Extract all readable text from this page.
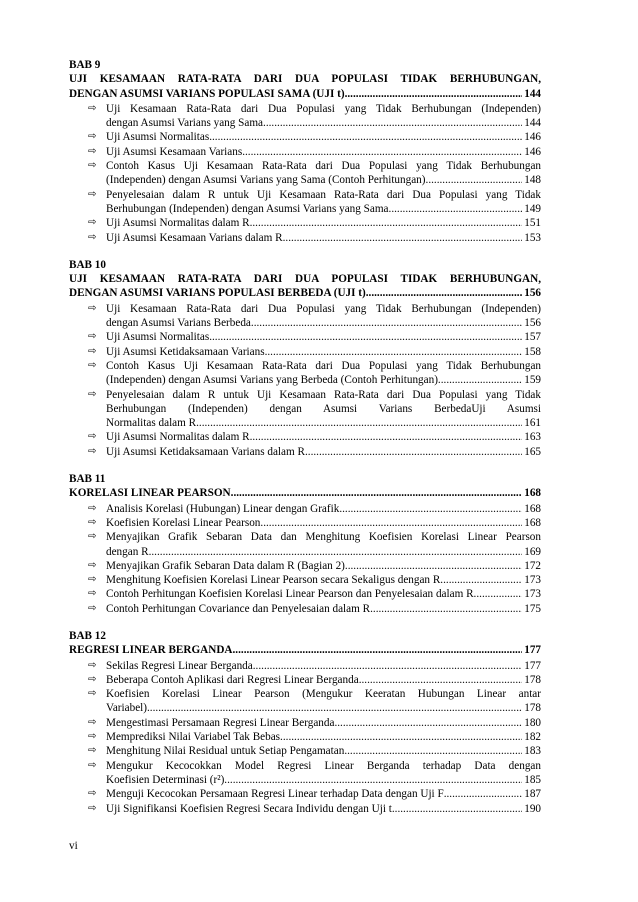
BAB 9
UJI KESAMAAN RATA-RATA DARI DUA POPULASI TIDAK BERHUBUNGAN,
DENGAN ASUMSI VARIANS POPULASI SAMA (UJI t) .....	144
⇨ Uji Kesamaan Rata-Rata dari Dua Populasi yang Tidak Berhubungan (Independen)
dengan Asumsi Varians yang Sama .....	144
⇨ Uji Asumsi Normalitas .....	146
⇨ Uji Asumsi Kesamaan Varians .....	146
⇨ Contoh Kasus Uji Kesamaan Rata-Rata dari Dua Populasi yang Tidak Berhubungan
(Independen) dengan Asumsi Varians yang Sama (Contoh Perhitungan) .....	148
⇨ Penyelesaian dalam R untuk Uji Kesamaan Rata-Rata dari Dua Populasi yang Tidak
Berhubungan (Independen) dengan Asumsi Varians yang Sama .....	149
⇨ Uji Asumsi Normalitas dalam R .....	151
⇨ Uji Asumsi Kesamaan Varians dalam R .....	153
BAB 10
UJI KESAMAAN RATA-RATA DARI DUA POPULASI TIDAK BERHUBUNGAN,
DENGAN ASUMSI VARIANS POPULASI BERBEDA (UJI t) .....	156
⇨ Uji Kesamaan Rata-Rata dari Dua Populasi yang Tidak Berhubungan (Independen)
dengan Asumsi Varians Berbeda .....	156
⇨ Uji Asumsi Normalitas .....	157
⇨ Uji Asumsi Ketidaksamaan Varians .....	158
⇨ Contoh Kasus Uji Kesamaan Rata-Rata dari Dua Populasi yang Tidak Berhubungan
(Independen) dengan Asumsi Varians yang Berbeda (Contoh Perhitungan) .....	159
⇨ Penyelesaian dalam R untuk Uji Kesamaan Rata-Rata dari Dua Populasi yang Tidak
Berhubungan (Independen) dengan Asumsi Varians BerbedaUji Asumsi
Normalitas dalam R .....	161
⇨ Uji Asumsi Normalitas dalam R .....	163
⇨ Uji Asumsi Ketidaksamaan Varians dalam R .....	165
BAB 11
KORELASI LINEAR PEARSON .....	168
⇨ Analisis Korelasi (Hubungan) Linear dengan Grafik .....	168
⇨ Koefisien Korelasi Linear Pearson .....	168
⇨ Menyajikan Grafik Sebaran Data dan Menghitung Koefisien Korelasi Linear Pearson
dengan R .....	169
⇨ Menyajikan Grafik Sebaran Data dalam R (Bagian 2) .....	172
⇨ Menghitung Koefisien Korelasi Linear Pearson secara Sekaligus dengan R .....	173
⇨ Contoh Perhitungan Koefisien Korelasi Linear Pearson dan Penyelesaian dalam R .....	173
⇨ Contoh Perhitungan Covariance dan Penyelesaian dalam R .....	175
BAB 12
REGRESI LINEAR BERGANDA .....	177
⇨ Sekilas Regresi Linear Berganda .....	177
⇨ Beberapa Contoh Aplikasi dari Regresi Linear Berganda .....	178
⇨ Koefisien Korelasi Linear Pearson (Mengukur Keeratan Hubungan Linear antar
Variabel) .....	178
⇨ Mengestimasi Persamaan Regresi Linear Berganda .....	180
⇨ Memprediksi Nilai Variabel Tak Bebas .....	182
⇨ Menghitung Nilai Residual untuk Setiap Pengamatan .....	183
⇨ Mengukur Kecocokkan Model Regresi Linear Berganda terhadap Data dengan
Koefisien Determinasi (r²) .....	185
⇨ Menguji Kecocokan Persamaan Regresi Linear terhadap Data dengan Uji F .....	187
⇨ Uji Signifikansi Koefisien Regresi Secara Individu dengan Uji t .....	190
vi
